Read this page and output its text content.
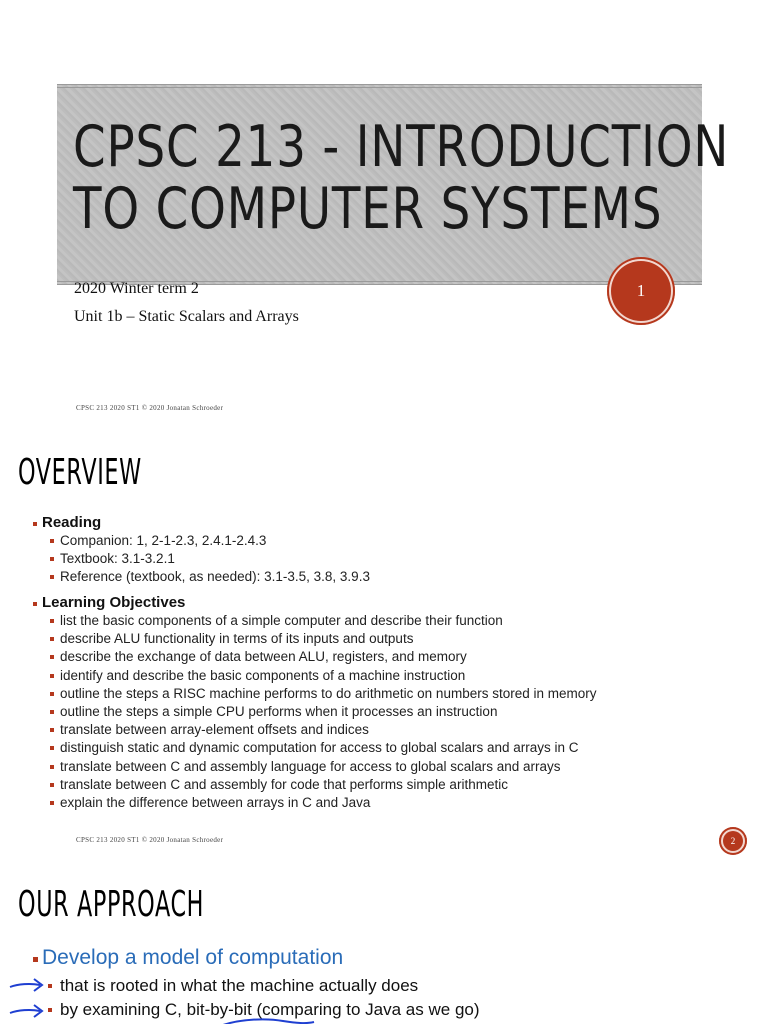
CPSC 213 - INTRODUCTION
TO COMPUTER SYSTEMS
2020 Winter term 2
Unit 1b – Static Scalars and Arrays
1
CPSC 213 2020 ST1 © 2020 Jonatan Schroeder
OVERVIEW
Reading
Companion: 1, 2-1-2.3, 2.4.1-2.4.3
Textbook: 3.1-3.2.1
Reference (textbook, as needed): 3.1-3.5, 3.8, 3.9.3
Learning Objectives
list the basic components of a simple computer and describe their function
describe ALU functionality in terms of its inputs and outputs
describe the exchange of data between ALU, registers, and memory
identify and describe the basic components of a machine instruction
outline the steps a RISC machine performs to do arithmetic on numbers stored in memory
outline the steps a simple CPU performs when it processes an instruction
translate between array-element offsets and indices
distinguish static and dynamic computation for access to global scalars and arrays in C
translate between C and assembly language for access to global scalars and arrays
translate between C and assembly for code that performs simple arithmetic
explain the difference between arrays in C and Java
CPSC 213 2020 ST1 © 2020 Jonatan Schroeder	2
OUR APPROACH
Develop a model of computation
that is rooted in what the machine actually does
by examining C, bit-by-bit (comparing to Java as we go)
